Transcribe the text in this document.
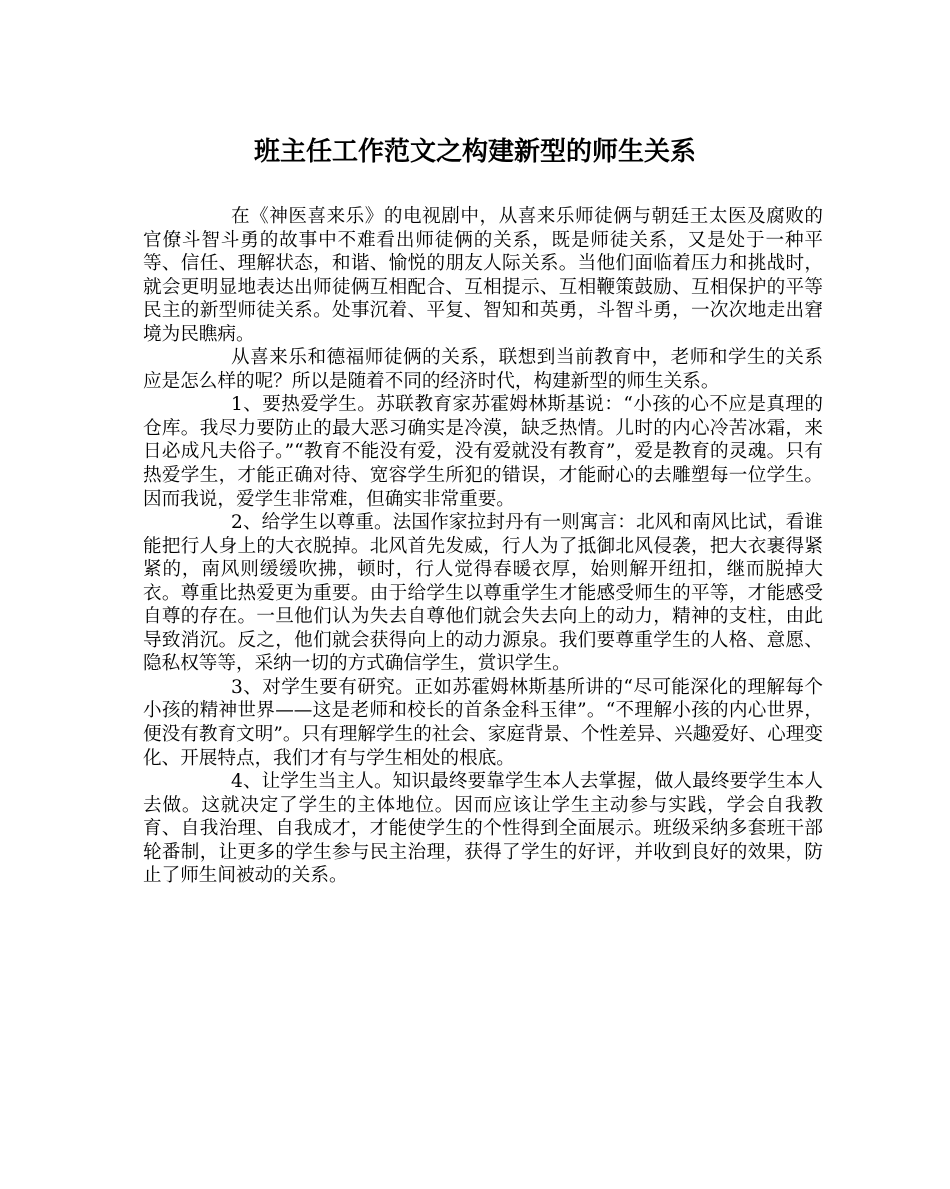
班主任工作范文之构建新型的师生关系

在《神医喜来乐》的电视剧中，从喜来乐师徒俩与朝廷王太医及腐败的官僚斗智斗勇的故事中不难看出师徒俩的关系，既是师徒关系，又是处于一种平等、信任、理解状态，和谐、愉悦的朋友人际关系。当他们面临着压力和挑战时，就会更明显地表达出师徒俩互相配合、互相提示、互相鞭策鼓励、互相保护的平等民主的新型师徒关系。处事沉着、平复、智知和英勇，斗智斗勇，一次次地走出窘境为民瞧病。

从喜来乐和德福师徒俩的关系，联想到当前教育中，老师和学生的关系应是怎么样的呢？所以是随着不同的经济时代，构建新型的师生关系。

1、要热爱学生。苏联教育家苏霍姆林斯基说：“小孩的心不应是真理的仓库。我尽力要防止的最大恶习确实是冷漠，缺乏热情。儿时的内心冷苦冰霜，来日必成凡夫俗子。”“教育不能没有爱，没有爱就没有教育”，爱是教育的灵魂。只有热爱学生，才能正确对待、宽容学生所犯的错误，才能耐心的去雕塑每一位学生。因而我说，爱学生非常难，但确实非常重要。

2、给学生以尊重。法国作家拉封丹有一则寓言：北风和南风比试，看谁能把行人身上的大衣脱掉。北风首先发威，行人为了抵御北风侵袭，把大衣裹得紧紧的，南风则缓缓吹拂，顿时，行人觉得春暖衣厚，始则解开纽扣，继而脱掉大衣。尊重比热爱更为重要。由于给学生以尊重学生才能感受师生的平等，才能感受自尊的存在。一旦他们认为失去自尊他们就会失去向上的动力，精神的支柱，由此导致消沉。反之，他们就会获得向上的动力源泉。我们要尊重学生的人格、意愿、隐私权等等，采纳一切的方式确信学生，赏识学生。

3、对学生要有研究。正如苏霍姆林斯基所讲的“尽可能深化的理解每个小孩的精神世界——这是老师和校长的首条金科玉律”。“不理解小孩的内心世界，便没有教育文明”。只有理解学生的社会、家庭背景、个性差异、兴趣爱好、心理变化、开展特点，我们才有与学生相处的根底。

4、让学生当主人。知识最终要靠学生本人去掌握，做人最终要学生本人去做。这就决定了学生的主体地位。因而应该让学生主动参与实践，学会自我教育、自我治理、自我成才，才能使学生的个性得到全面展示。班级采纳多套班干部轮番制，让更多的学生参与民主治理，获得了学生的好评，并收到良好的效果，防止了师生间被动的关系。
